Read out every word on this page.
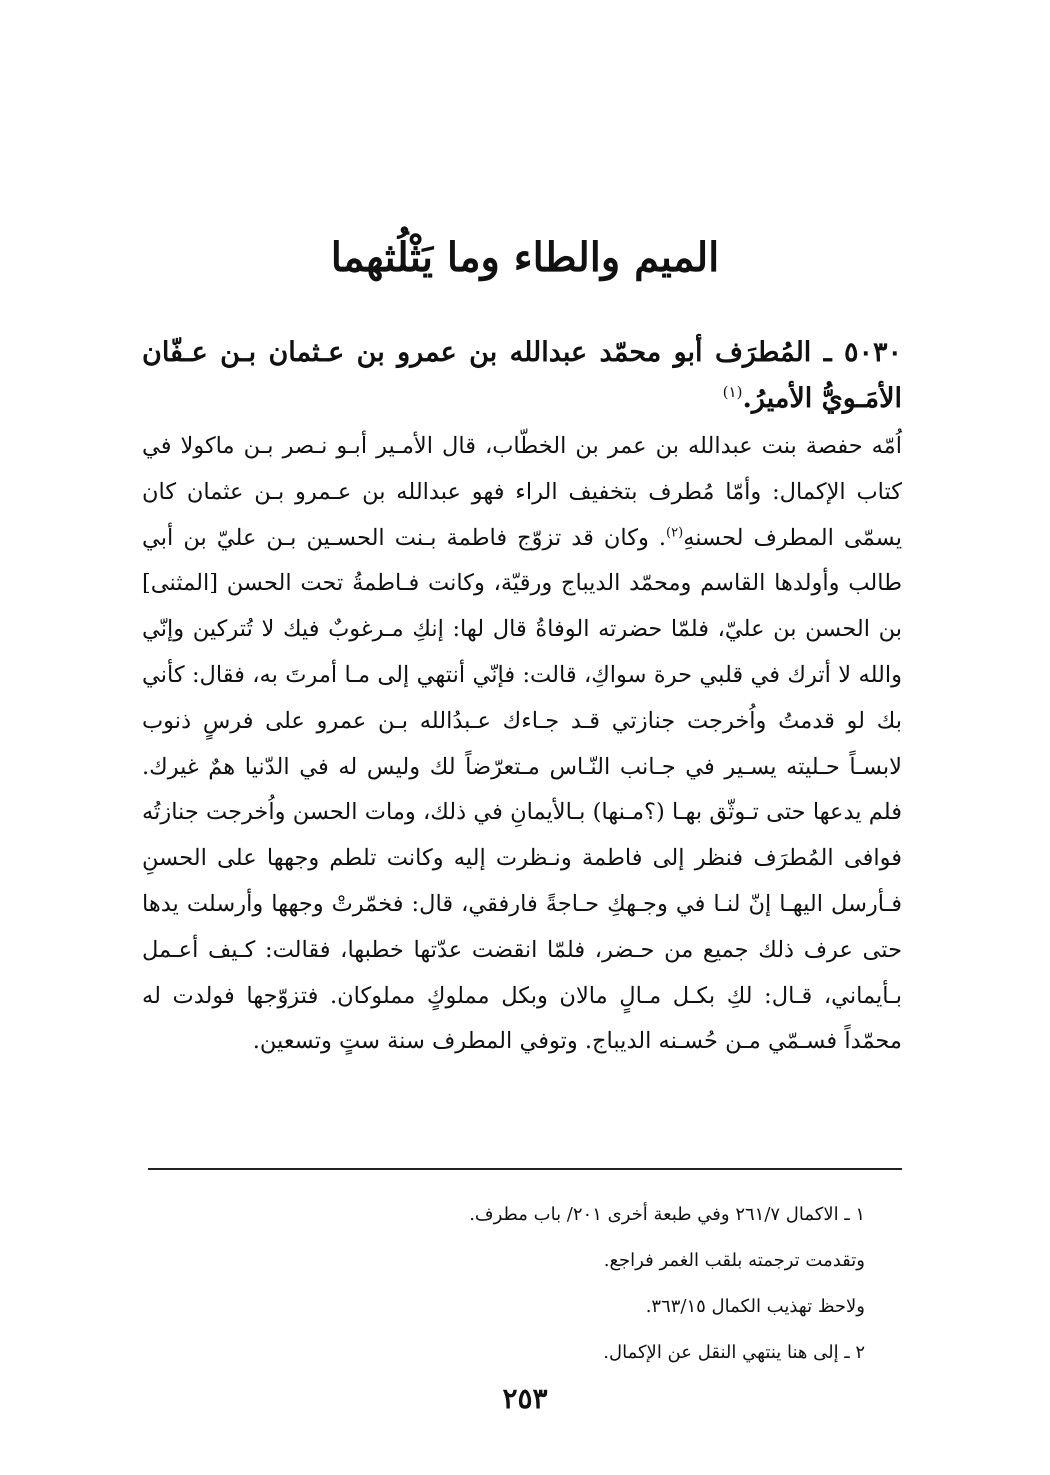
الميم والطاء وما يَثْلُثهما
٥٠٣٠ ـ المُطرَف أبو محمّد عبدالله بن عمرو بن عـثمان بـن عـفّان الأمَـويُّ الأميرُ.$^{(١)}$

اُمّه حفصة بنت عبدالله بن عمر بن الخطّاب، قال الأمـير أبـو نـصر بـن ماكولا في كتاب الإكمال: وأمّا مُطرف بتخفيف الراء فهو عبدالله بن عـمرو بـن عثمان كان يسمّى المطرف لحسنهِ$^{(٢)}$. وكان قد تزوّج فاطمة بـنت الحسـين بـن عليّ بن أبي طالب وأولدها القاسم ومحمّد الديباج ورقيّة، وكانت فـاطمةُ تحت الحسن [المثنى] بن الحسن بن عليّ، فلمّا حضرته الوفاةُ قال لها: إنكِ مـرغوبٌ فيك لا تُتركين وإنّي والله لا أترك في قلبي حرة سواكِ، قالت: فإنّي أنتهي إلى مـا أمرتَ به، فقال: كأني بك لو قدمتُ واُخرجت جنازتي قـد جـاءك عـبدُالله بـن عمرو على فرسٍ ذنوب لابسـاً حـليته يسـير في جـانب النّـاس مـتعرّضاً لك وليس له في الدّنيا همٌ غيرك. فلم يدعها حتى تـوثّق بهـا (؟مـنها) بـالأيمانِ في ذلك، ومات الحسن واُخرجت جنازتُه فوافى المُطرَف فنظر إلى فاطمة ونـظرت إليه وكانت تلطم وجهها على الحسنِ فـأرسل اليهـا إنّ لنـا في وجـهكِ حـاجةً فارفقي، قال: فخمّرتْ وجهها وأرسلت يدها حتى عرف ذلك جميع من حـضر، فلمّا انقضت عدّتها خطبها، فقالت: كـيف أعـمل بـأيماني، قـال: لكِ بكـل مـالٍ مالان وبكل مملوكٍ مملوكان. فتزوّجها فولدت له محمّداً فسـمّي مـن حُسـنه الديباج. وتوفي المطرف سنة ستٍ وتسعين.

١ ـ الاكمال ٢٦١/٧ وفي طبعة أخرى ٢٠١/ باب مطرف.
وتقدمت ترجمته بلقب الغمر فراجع.
ولاحظ تهذيب الكمال ٣٦٣/١٥.
٢ ـ إلى هنا ينتهي النقل عن الإكمال.
٢٥٣
